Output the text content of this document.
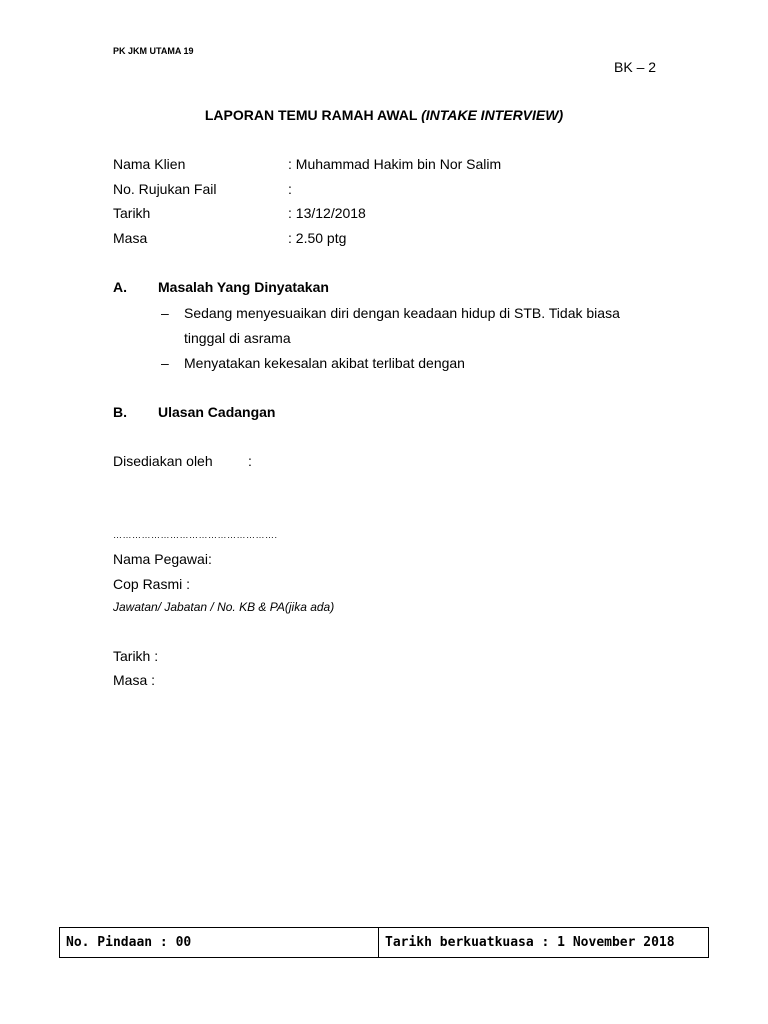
PK JKM UTAMA 19
BK – 2
LAPORAN TEMU RAMAH AWAL (INTAKE INTERVIEW)
Nama Klien	: Muhammad Hakim bin Nor Salim
No. Rujukan Fail	:
Tarikh	: 13/12/2018
Masa	: 2.50 ptg
A. Masalah Yang Dinyatakan
– Sedang menyesuaikan diri dengan keadaan hidup di STB. Tidak biasa
tinggal di asrama
– Menyatakan kekesalan akibat terlibat dengan
B. Ulasan Cadangan
Disediakan oleh	:
…………………………………………….
Nama Pegawai:
Cop Rasmi :
Jawatan/ Jabatan / No. KB & PA(jika ada)
Tarikh :
Masa :
No. Pindaan : 00	Tarikh berkuatkuasa : 1 November 2018
